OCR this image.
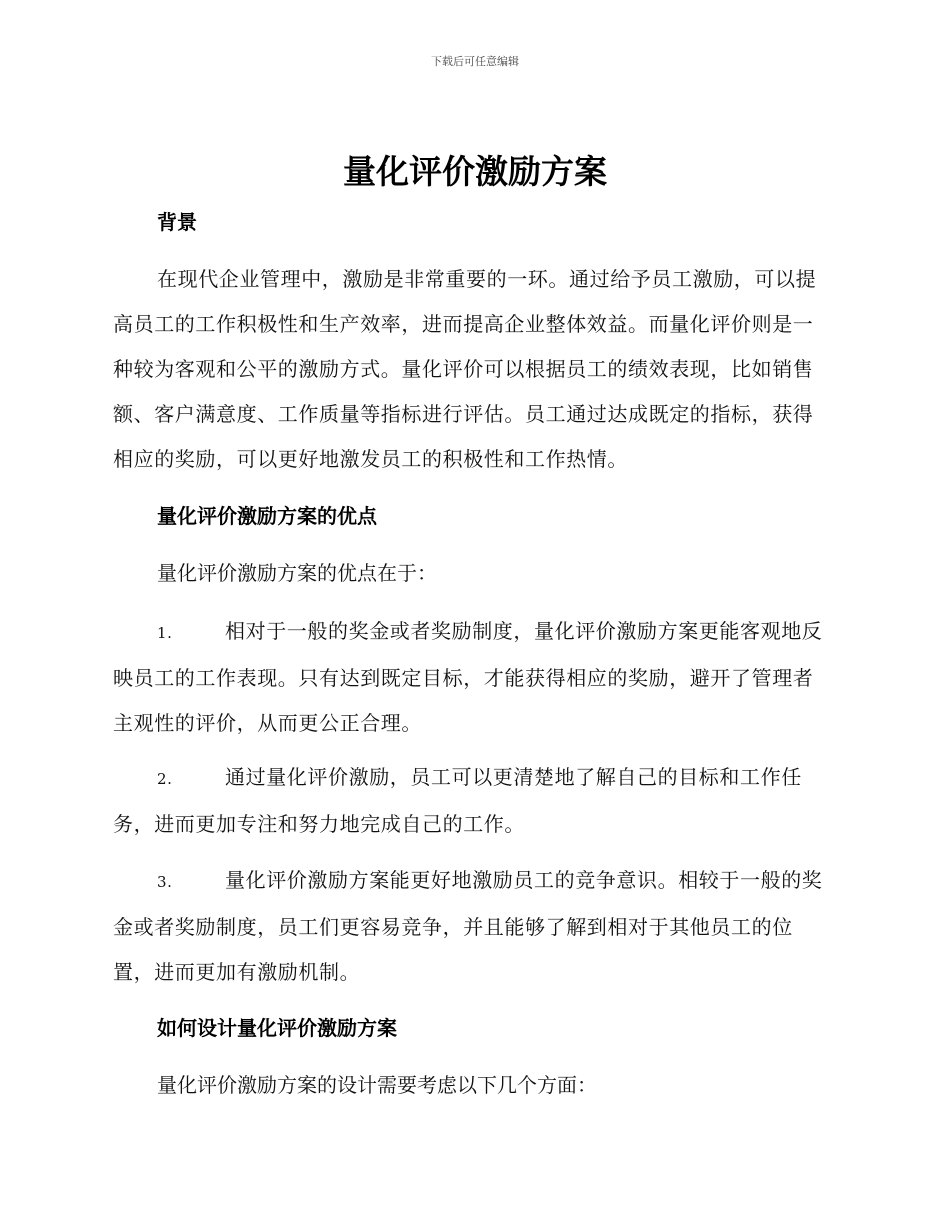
下载后可任意编辑
量化评价激励方案
背景

在现代企业管理中，激励是非常重要的一环。通过给予员工激励，可以提高员工的工作积极性和生产效率，进而提高企业整体效益。而量化评价则是一种较为客观和公平的激励方式。量化评价可以根据员工的绩效表现，比如销售额、客户满意度、工作质量等指标进行评估。员工通过达成既定的指标，获得相应的奖励，可以更好地激发员工的积极性和工作热情。

量化评价激励方案的优点
量化评价激励方案的优点在于：

1.	相对于一般的奖金或者奖励制度，量化评价激励方案更能客观地反映员工的工作表现。只有达到既定目标，才能获得相应的奖励，避开了管理者主观性的评价，从而更公正合理。

2.	通过量化评价激励，员工可以更清楚地了解自己的目标和工作任务，进而更加专注和努力地完成自己的工作。

3.	量化评价激励方案能更好地激励员工的竞争意识。相较于一般的奖金或者奖励制度，员工们更容易竞争，并且能够了解到相对于其他员工的位置，进而更加有激励机制。

如何设计量化评价激励方案
量化评价激励方案的设计需要考虑以下几个方面：
